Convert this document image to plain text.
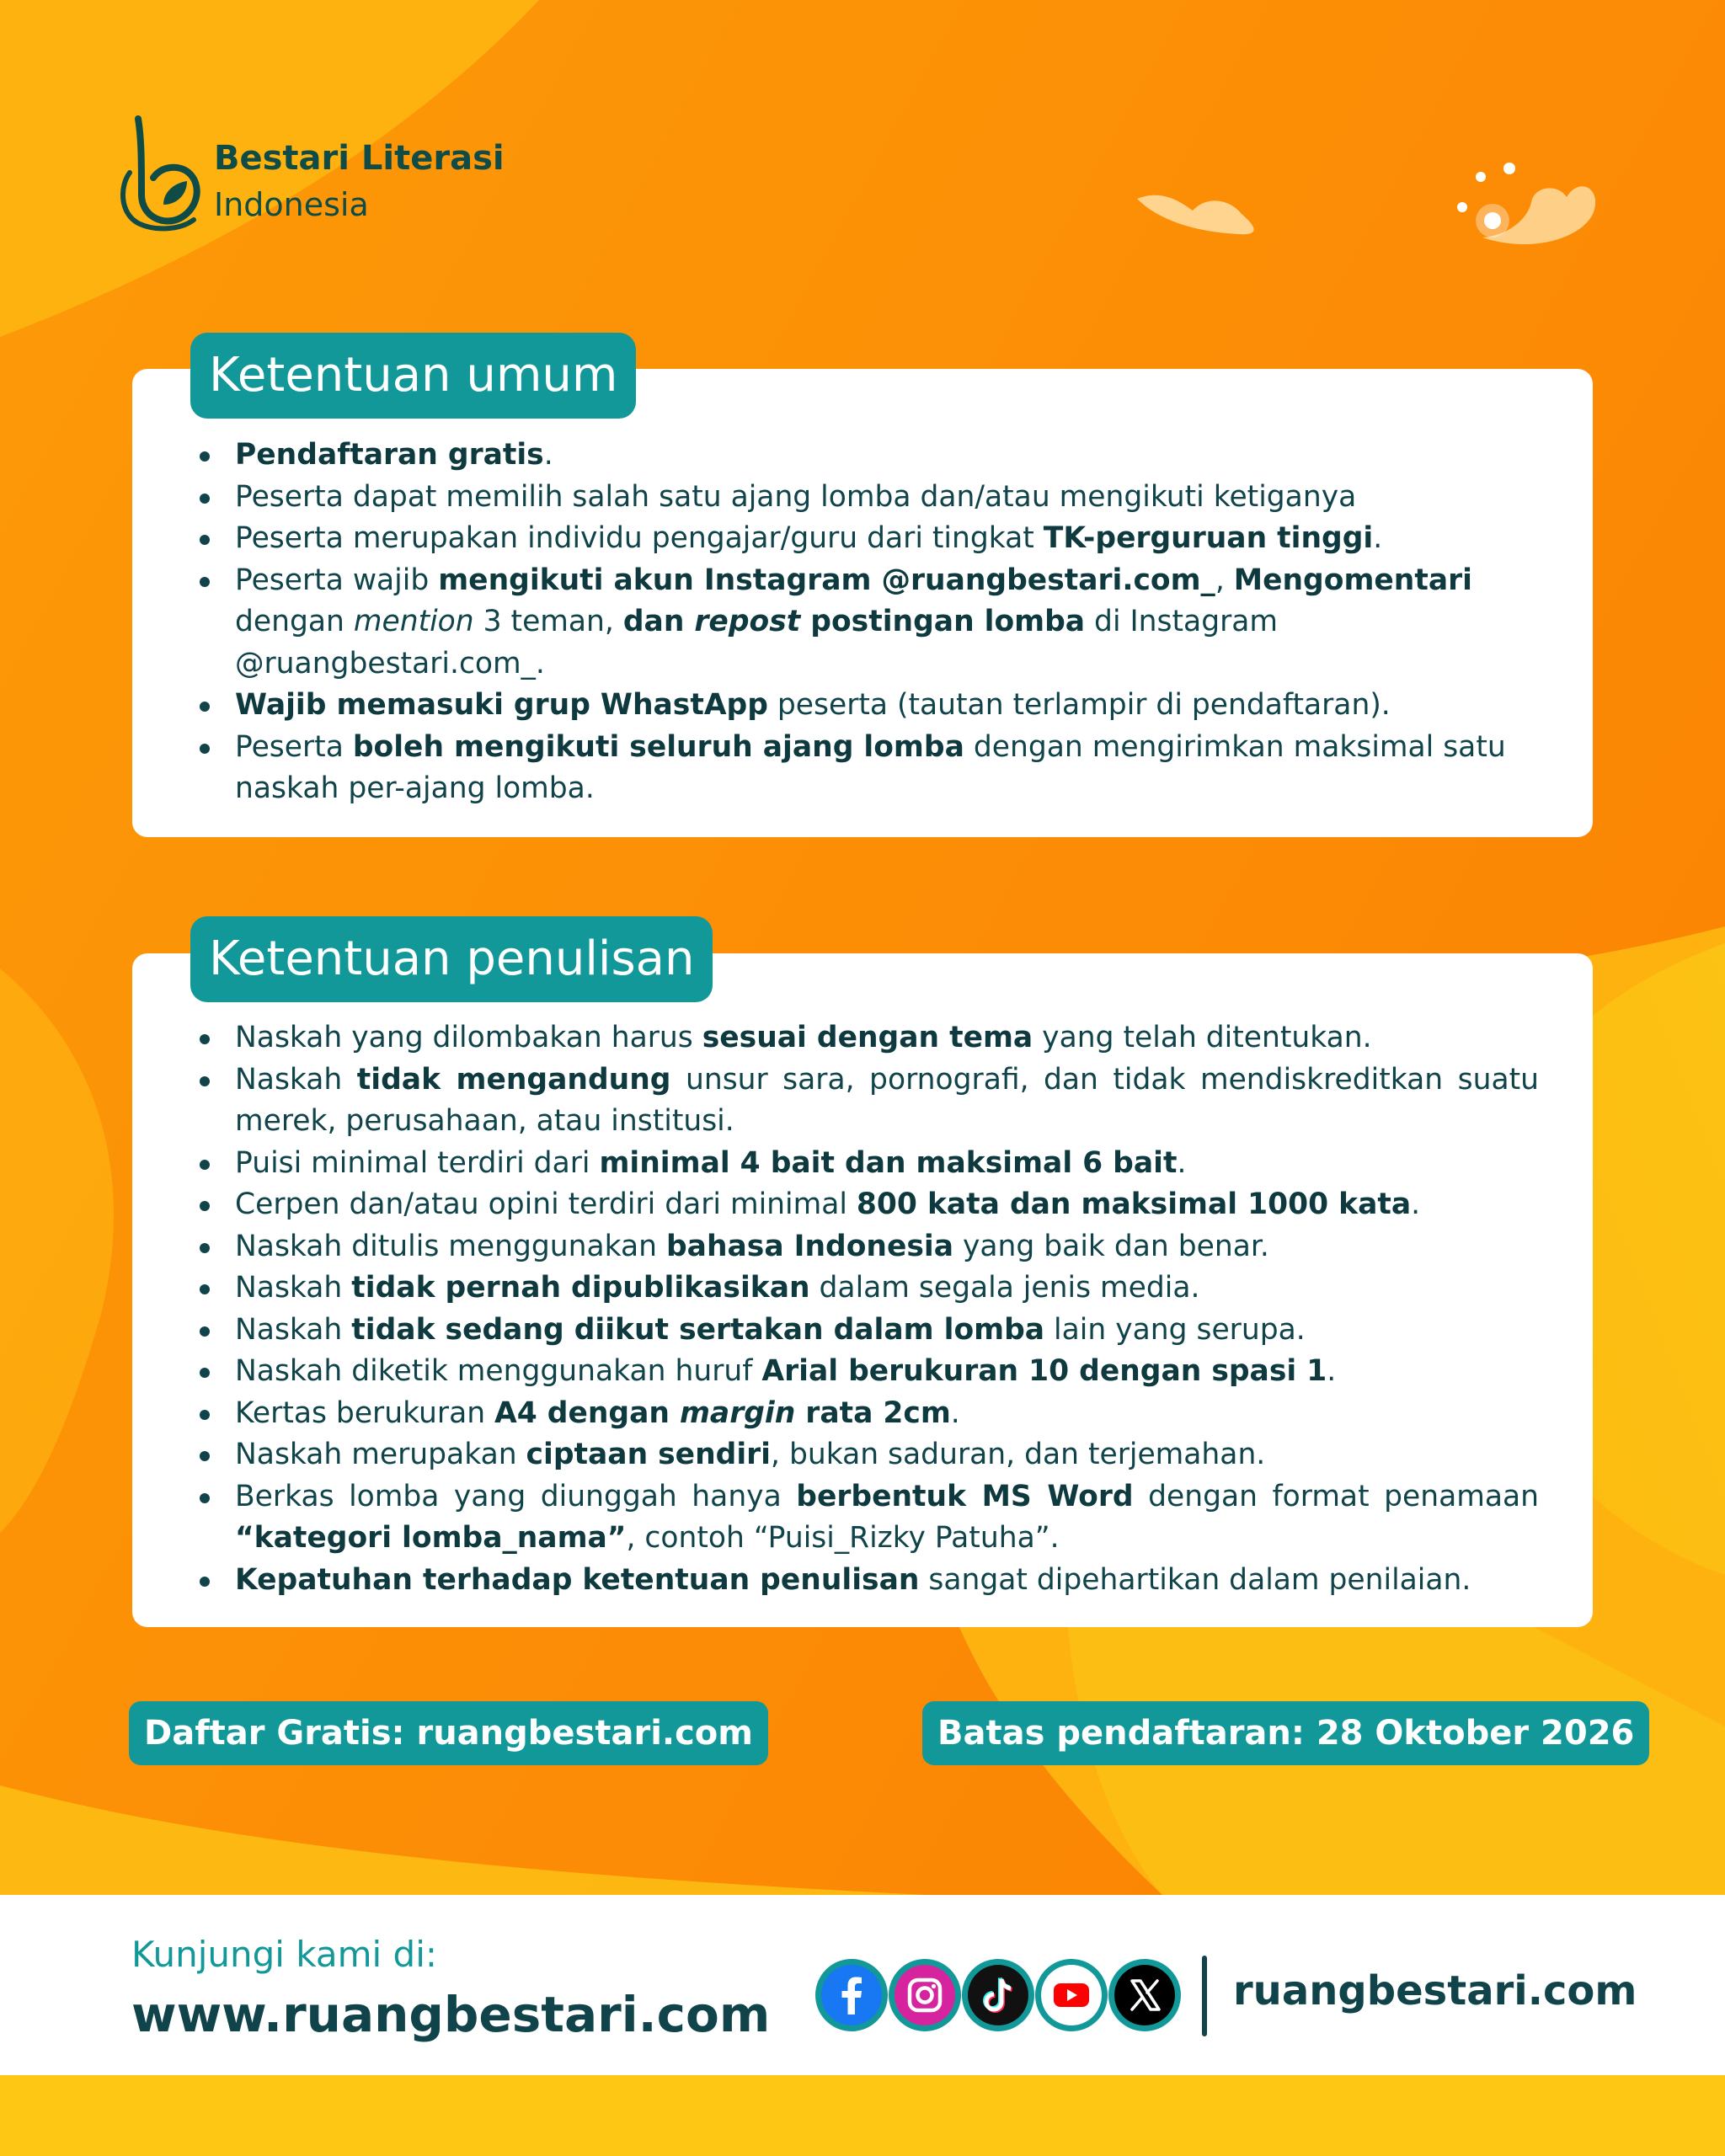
Bestari Literasi
Indonesia
Ketentuan umum
Pendaftaran gratis.
Peserta dapat memilih salah satu ajang lomba dan/atau mengikuti ketiganya
Peserta merupakan individu pengajar/guru dari tingkat TK-perguruan tinggi.
Peserta wajib mengikuti akun Instagram @ruangbestari.com_, Mengomentari dengan mention 3 teman, dan repost postingan lomba di Instagram @ruangbestari.com_.
Wajib memasuki grup WhastApp peserta (tautan terlampir di pendaftaran).
Peserta boleh mengikuti seluruh ajang lomba dengan mengirimkan maksimal satu naskah per-ajang lomba.
Ketentuan penulisan
Naskah yang dilombakan harus sesuai dengan tema yang telah ditentukan.
Naskah tidak mengandung unsur sara, pornografi, dan tidak mendiskreditkan suatu merek, perusahaan, atau institusi.
Puisi minimal terdiri dari minimal 4 bait dan maksimal 6 bait.
Cerpen dan/atau opini terdiri dari minimal 800 kata dan maksimal 1000 kata.
Naskah ditulis menggunakan bahasa Indonesia yang baik dan benar.
Naskah tidak pernah dipublikasikan dalam segala jenis media.
Naskah tidak sedang diikut sertakan dalam lomba lain yang serupa.
Naskah diketik menggunakan huruf Arial berukuran 10 dengan spasi 1.
Kertas berukuran A4 dengan margin rata 2cm.
Naskah merupakan ciptaan sendiri, bukan saduran, dan terjemahan.
Berkas lomba yang diunggah hanya berbentuk MS Word dengan format penamaan “kategori lomba_nama”, contoh “Puisi_Rizky Patuha”.
Kepatuhan terhadap ketentuan penulisan sangat dipehartikan dalam penilaian.
Daftar Gratis: ruangbestari.com	Batas pendaftaran: 28 Oktober 2026
Kunjungi kami di:
www.ruangbestari.com	ruangbestari.com
